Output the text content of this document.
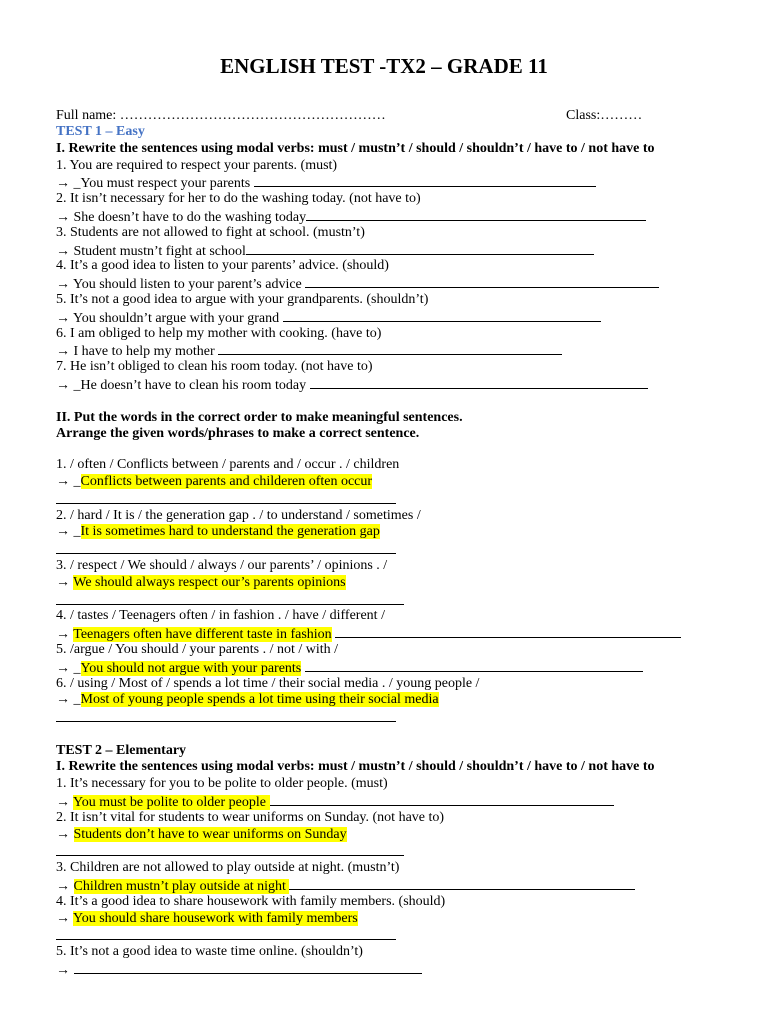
ENGLISH TEST -TX2 – GRADE 11
Full name: …………………………………………………	Class:………
TEST 1 – Easy
I. Rewrite the sentences using modal verbs: must / mustn’t / should / shouldn’t / have to / not have to
1. You are required to respect your parents. (must)
→ _You must respect your parents
2. It isn’t necessary for her to do the washing today. (not have to)
→ She doesn’t have to do the washing today
3. Students are not allowed to fight at school. (mustn’t)
→ Student mustn’t fight at school
4. It’s a good idea to listen to your parents’ advice. (should)
→ You should listen to your parent’s advice
5. It’s not a good idea to argue with your grandparents. (shouldn’t)
→ You shouldn’t argue with your grand
6. I am obliged to help my mother with cooking. (have to)
→ I have to help my mother
7. He isn’t obliged to clean his room today. (not have to)
→ _He doesn’t have to clean his room today
II. Put the words in the correct order to make meaningful sentences.
Arrange the given words/phrases to make a correct sentence.
1. / often / Conflicts between / parents and / occur . / children
→ _Conflicts between parents and childeren often occur
2. / hard / It is / the generation gap . / to understand / sometimes /
→ _It is sometimes hard to understand the generation gap
3. / respect / We should / always / our parents’ / opinions . /
→ We should always respect our’s parents opinions
4. / tastes / Teenagers often / in fashion . / have / different /
→ Teenagers often have different taste in fashion
5. /argue / You should / your parents . / not / with /
→ _You should not argue with your parents
6. / using / Most of / spends a lot time / their social media . / young people /
→ _Most of young people spends a lot time using their social media
TEST 2 – Elementary
I. Rewrite the sentences using modal verbs: must / mustn’t / should / shouldn’t / have to / not have to
1. It’s necessary for you to be polite to older people. (must)
→ You must be polite to older people
2. It isn’t vital for students to wear uniforms on Sunday. (not have to)
→ Students don’t have to wear uniforms on Sunday
3. Children are not allowed to play outside at night. (mustn’t)
→ Children mustn’t play outside at night
4. It’s a good idea to share housework with family members. (should)
→ You should share housework with family members
5. It’s not a good idea to waste time online. (shouldn’t)
→
